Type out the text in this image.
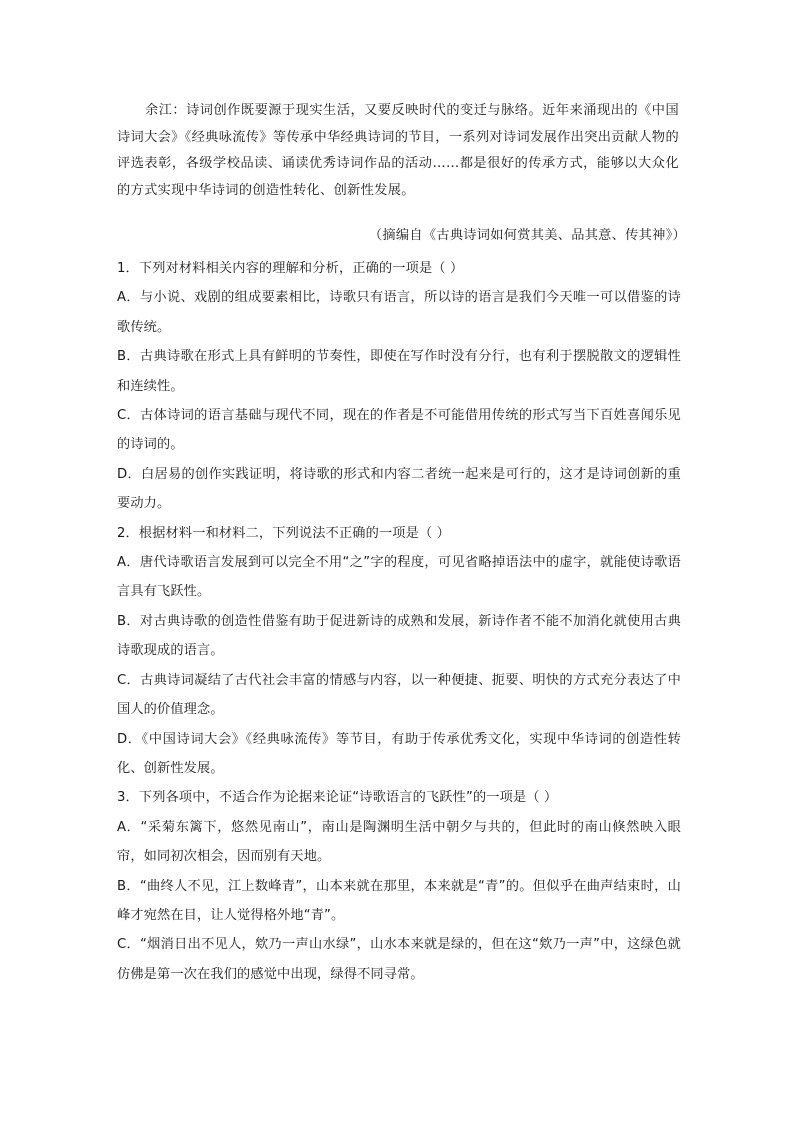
余江：诗词创作既要源于现实生活，又要反映时代的变迁与脉络。近年来涌现出的《中国诗词大会》《经典咏流传》等传承中华经典诗词的节目，一系列对诗词发展作出突出贡献人物的评选表彰，各级学校品读、诵读优秀诗词作品的活动……都是很好的传承方式，能够以大众化的方式实现中华诗词的创造性转化、创新性发展。

（摘编自《古典诗词如何赏其美、品其意、传其神》）

1．下列对材料相关内容的理解和分析，正确的一项是（ ）

A．与小说、戏剧的组成要素相比，诗歌只有语言，所以诗的语言是我们今天唯一可以借鉴的诗歌传统。

B．古典诗歌在形式上具有鲜明的节奏性，即使在写作时没有分行，也有利于摆脱散文的逻辑性和连续性。

C．古体诗词的语言基础与现代不同，现在的作者是不可能借用传统的形式写当下百姓喜闻乐见的诗词的。

D．白居易的创作实践证明，将诗歌的形式和内容二者统一起来是可行的，这才是诗词创新的重要动力。

2．根据材料一和材料二，下列说法不正确的一项是（ ）

A．唐代诗歌语言发展到可以完全不用“之”字的程度，可见省略掉语法中的虚字，就能使诗歌语言具有飞跃性。

B．对古典诗歌的创造性借鉴有助于促进新诗的成熟和发展，新诗作者不能不加消化就使用古典诗歌现成的语言。

C．古典诗词凝结了古代社会丰富的情感与内容，以一种便捷、扼要、明快的方式充分表达了中国人的价值理念。

D．《中国诗词大会》《经典咏流传》等节目，有助于传承优秀文化，实现中华诗词的创造性转化、创新性发展。

3．下列各项中，不适合作为论据来论证“诗歌语言的飞跃性”的一项是（ ）

A．“采菊东篱下，悠然见南山”，南山是陶渊明生活中朝夕与共的，但此时的南山倏然映入眼帘，如同初次相会，因而别有天地。

B．“曲终人不见，江上数峰青”，山本来就在那里，本来就是“青”的。但似乎在曲声结束时，山峰才宛然在目，让人觉得格外地“青”。

C．“烟消日出不见人，欸乃一声山水绿”，山水本来就是绿的，但在这“欸乃一声”中，这绿色就仿佛是第一次在我们的感觉中出现，绿得不同寻常。
